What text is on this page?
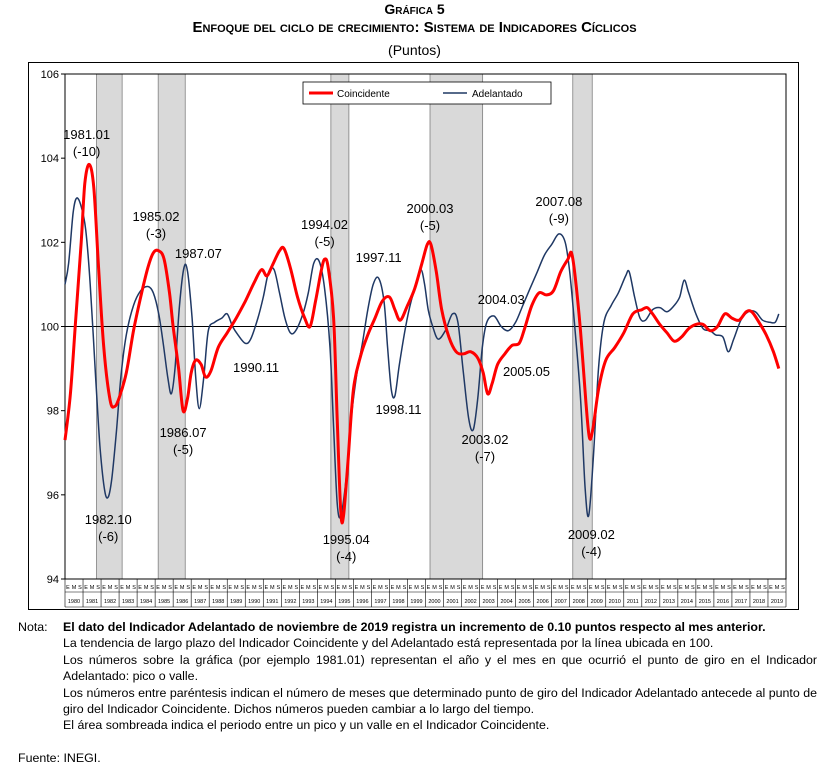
Gráfica 5
Enfoque del ciclo de crecimiento: Sistema de Indicadores Cíclicos
(Puntos)
94
96
98
100
102
104
106
E M S
1980
E M S
1981
E M S
1982
E M S
1983
E M S
1984
E M S
1985
E M S
1986
E M S
1987
E M S
1988
E M S
1989
E M S
1990
E M S
1991
E M S
1992
E M S
1993
E M S
1994
E M S
1995
E M S
1996
E M S
1997
E M S
1998
E M S
1999
E M S
2000
E M S
2001
E M S
2002
E M S
2003
E M S
2004
E M S
2005
E M S
2006
E M S
2007
E M S
2008
E M S
2009
E M S
2010
E M S
2011
E M S
2012
E M S
2013
E M S
2014
E M S
2015
E M S
2016
E M S
2017
E M S
2018
E M S
2019
Coincidente	Adelantado
1981.01
(-10)
1982.10
(-6)
1985.02
(-3)
1986.07
(-5)
1987.07
1990.11
1994.02
(-5)
1995.04
(-4)
1997.11
1998.11
2000.03
(-5)
2003.02
(-7)
2004.03
2005.05
2007.08
(-9)
2009.02
(-4)
Nota: El dato del Indicador Adelantado de noviembre de 2019 registra un incremento de 0.10 puntos respecto al mes anterior.
La tendencia de largo plazo del Indicador Coincidente y del Adelantado está representada por la línea ubicada en 100.
Los números sobre la gráfica (por ejemplo 1981.01) representan el año y el mes en que ocurrió el punto de giro en el Indicador Adelantado: pico o valle.
Los números entre paréntesis indican el número de meses que determinado punto de giro del Indicador Adelantado antecede al punto de giro del Indicador Coincidente. Dichos números pueden cambiar a lo largo del tiempo.
El área sombreada indica el periodo entre un pico y un valle en el Indicador Coincidente.
Fuente: INEGI.
